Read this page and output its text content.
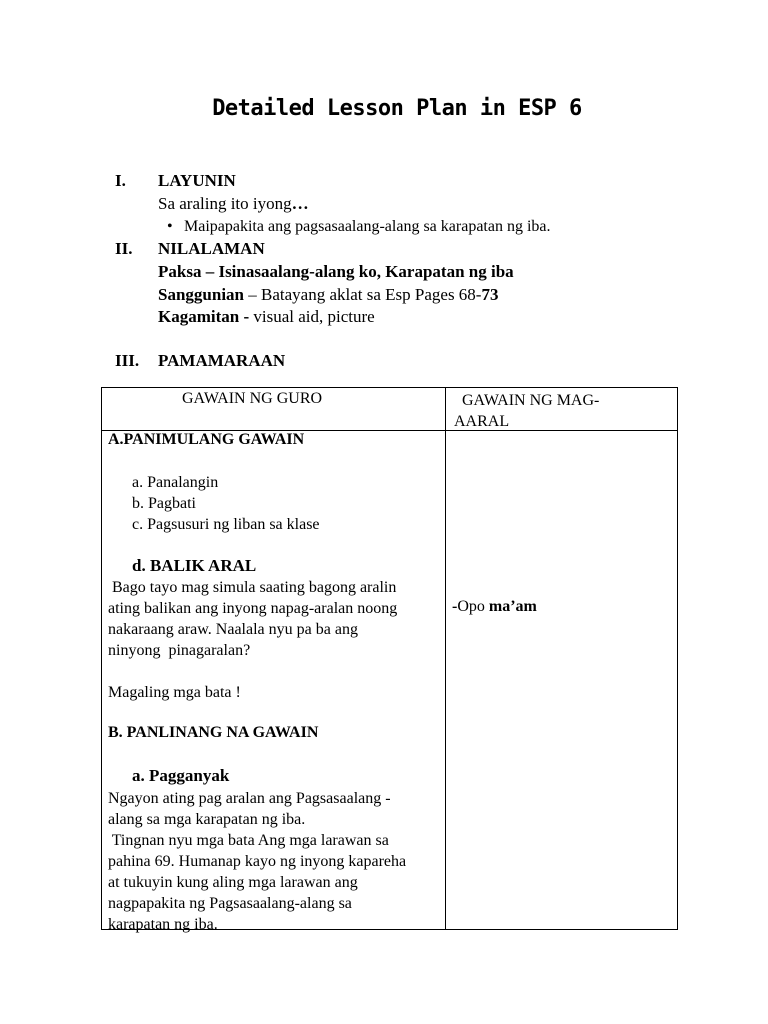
Detailed Lesson Plan in ESP 6
I. LAYUNIN
Sa araling ito iyong…
• Maipapakita ang pagsasaalang-alang sa karapatan ng iba.
II. NILALAMAN
Paksa – Isinasaalang-alang ko, Karapatan ng iba
Sanggunian – Batayang aklat sa Esp Pages 68-73
Kagamitan - visual aid, picture
III. PAMAMARAAN
GAWAIN NG GURO	GAWAIN NG MAG-
AARAL
A.PANIMULANG GAWAIN
a. Panalangin
b. Pagbati
c. Pagsusuri ng liban sa klase
d. BALIK ARAL
Bago tayo mag simula saating bagong aralin
ating balikan ang inyong napag-aralan noong
nakaraang araw. Naalala nyu pa ba ang
ninyong  pinagaralan?
Magaling mga bata !
B. PANLINANG NA GAWAIN
a. Pagganyak
Ngayon ating pag aralan ang Pagsasaalang -
alang sa mga karapatan ng iba.
Tingnan nyu mga bata Ang mga larawan sa
pahina 69. Humanap kayo ng inyong kapareha
at tukuyin kung aling mga larawan ang
nagpapakita ng Pagsasaalang-alang sa
karapatan ng iba.
-Opo ma’am
